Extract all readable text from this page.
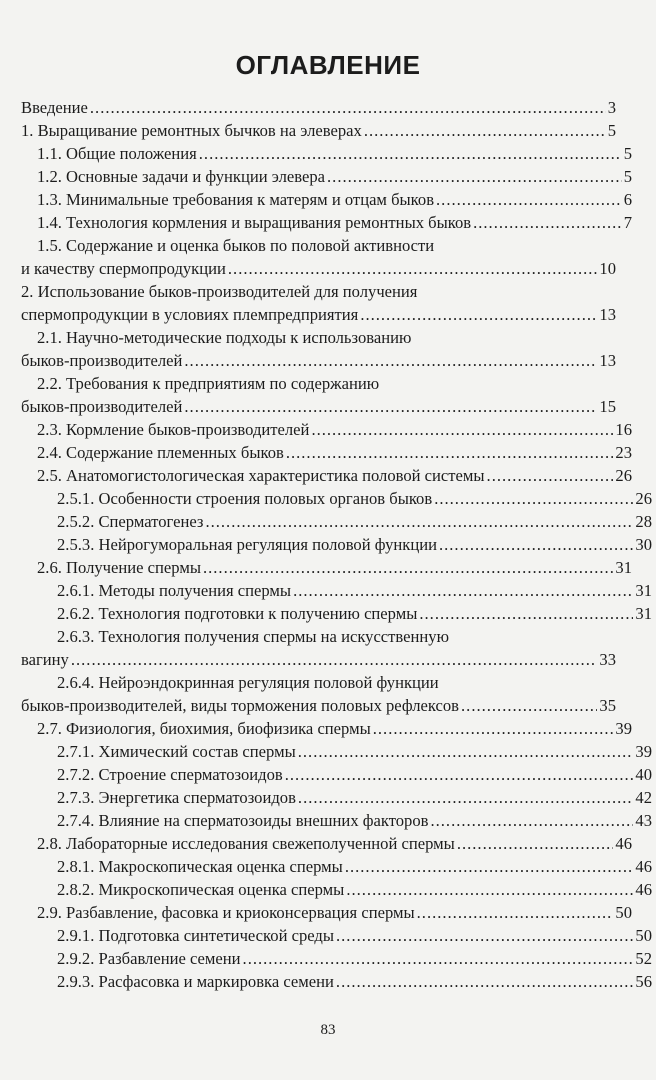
ОГЛАВЛЕНИЕ
Введение .....	3
1. Выращивание ремонтных бычков на элеверах .....	5
1.1. Общие положения .....	5
1.2. Основные задачи и функции элевера .....	5
1.3. Минимальные требования к матерям и отцам быков .....	6
1.4. Технология кормления и выращивания ремонтных быков .....	7
1.5. Содержание и оценка быков по половой активности
и качеству спермопродукции .....	10
2. Использование быков-производителей для получения
спермопродукции в условиях племпредприятия .....	13
2.1. Научно-методические подходы к использованию
быков-производителей .....	13
2.2. Требования к предприятиям по содержанию
быков-производителей .....	15
2.3. Кормление быков-производителей .....	16
2.4. Содержание племенных быков .....	23
2.5. Анатомогистологическая характеристика половой системы .....	26
2.5.1. Особенности строения половых органов быков .....	26
2.5.2. Сперматогенез .....	28
2.5.3. Нейрогуморальная регуляция половой функции .....	30
2.6. Получение спермы .....	31
2.6.1. Методы получения спермы .....	31
2.6.2. Технология подготовки к получению спермы .....	31
2.6.3. Технология получения спермы на искусственную
вагину .....	33
2.6.4. Нейроэндокринная регуляция половой функции
быков-производителей, виды торможения половых рефлексов .....	35
2.7. Физиология, биохимия, биофизика спермы .....	39
2.7.1. Химический состав спермы .....	39
2.7.2. Строение сперматозоидов .....	40
2.7.3. Энергетика сперматозоидов .....	42
2.7.4. Влияние на сперматозоиды внешних факторов .....	43
2.8. Лабораторные исследования свежеполученной спермы .....	46
2.8.1. Макроскопическая оценка спермы .....	46
2.8.2. Микроскопическая оценка спермы .....	46
2.9. Разбавление, фасовка и криоконсервация спермы .....	50
2.9.1. Подготовка синтетической среды .....	50
2.9.2. Разбавление семени .....	52
2.9.3. Расфасовка и маркировка семени .....	56
83
